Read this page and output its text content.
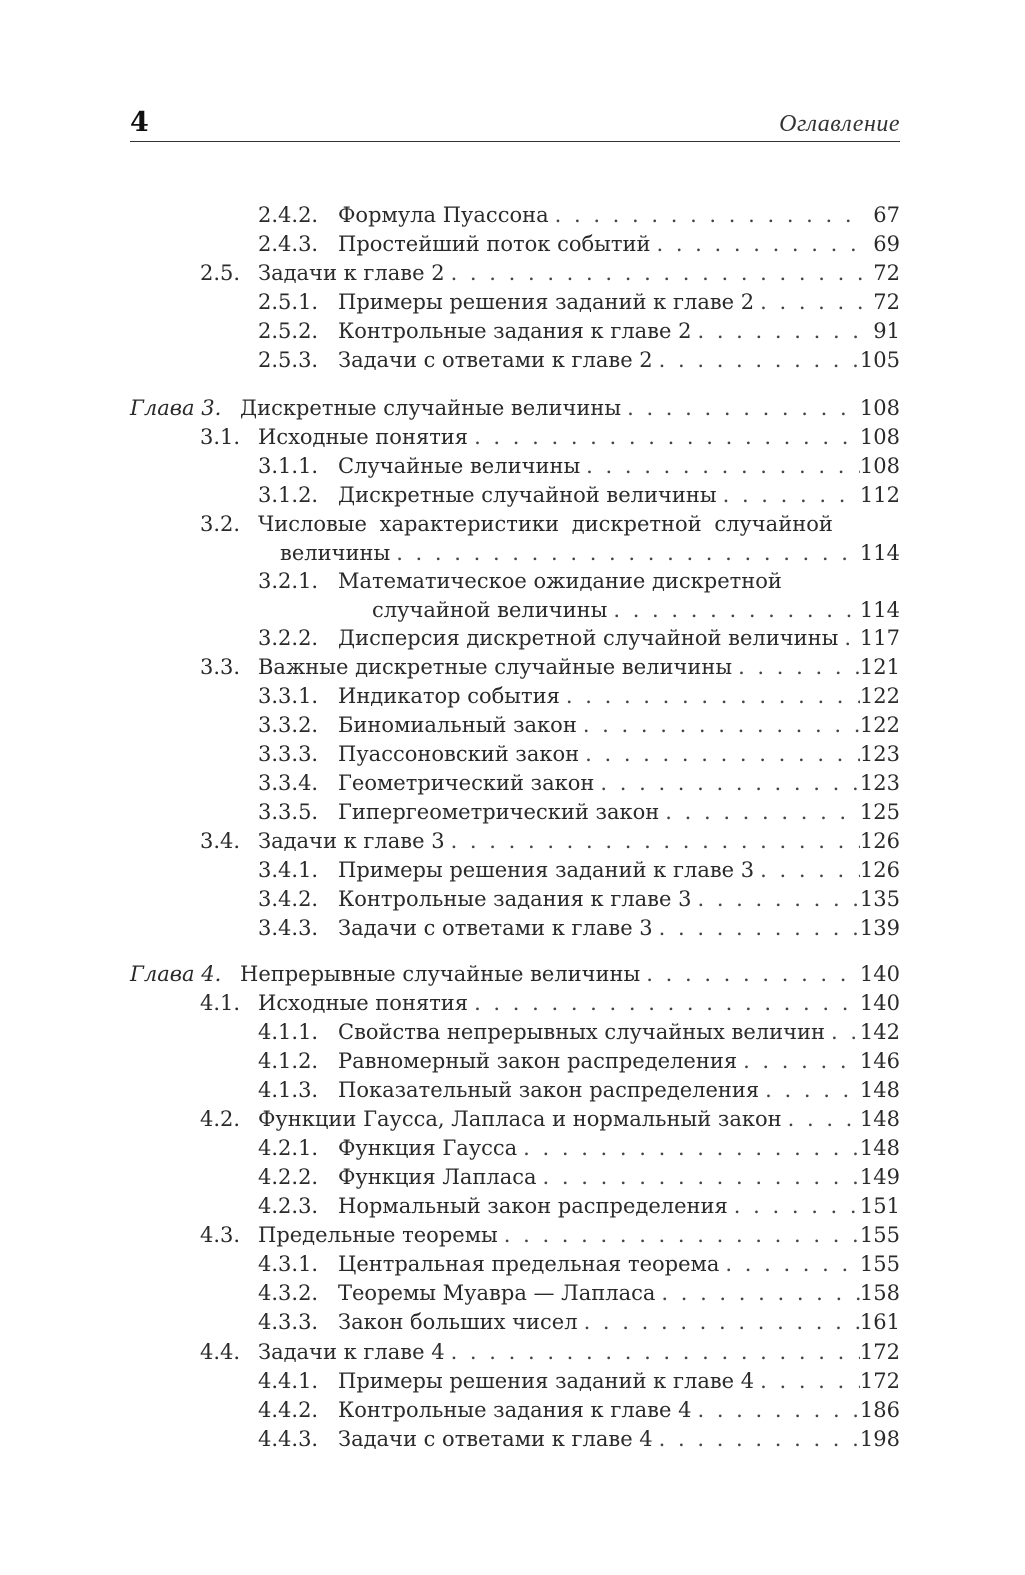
4	Оглавление
2.4.2. Формула Пуассона . . .	67
2.4.3. Простейший поток событий . . .	69
2.5. Задачи к главе 2 . . .	72
2.5.1. Примеры решения заданий к главе 2 . . .	72
2.5.2. Контрольные задания к главе 2 . . .	91
2.5.3. Задачи с ответами к главе 2 . . .	105
Глава 3. Дискретные случайные величины . . .	108
3.1. Исходные понятия . . .	108
3.1.1. Случайные величины . . .	108
3.1.2. Дискретные случайной величины . . .	112
3.2. Числовые характеристики дискретной случайной
величины . . .	114
3.2.1. Математическое ожидание дискретной
случайной величины . . .	114
3.2.2. Дисперсия дискретной случайной величины . . . 117
3.3. Важные дискретные случайные величины . . .	121
3.3.1. Индикатор события . . .	122
3.3.2. Биномиальный закон . . .	122
3.3.3. Пуассоновский закон . . .	123
3.3.4. Геометрический закон . . .	123
3.3.5. Гипергеометрический закон . . .	125
3.4. Задачи к главе 3 . . .	126
3.4.1. Примеры решения заданий к главе 3 . . .	126
3.4.2. Контрольные задания к главе 3 . . .	135
3.4.3. Задачи с ответами к главе 3 . . .	139
Глава 4. Непрерывные случайные величины . . .	140
4.1. Исходные понятия . . .	140
4.1.1. Свойства непрерывных случайных величин . . . 142
4.1.2. Равномерный закон распределения . . .	146
4.1.3. Показательный закон распределения . . .	148
4.2. Функции Гаусса, Лапласа и нормальный закон . . .	148
4.2.1. Функция Гаусса . . .	148
4.2.2. Функция Лапласа . . .	149
4.2.3. Нормальный закон распределения . . .	151
4.3. Предельные теоремы . . .	155
4.3.1. Центральная предельная теорема . . .	155
4.3.2. Теоремы Муавра — Лапласа . . .	158
4.3.3. Закон больших чисел . . .	161
4.4. Задачи к главе 4 . . .	172
4.4.1. Примеры решения заданий к главе 4 . . .	172
4.4.2. Контрольные задания к главе 4 . . .	186
4.4.3. Задачи с ответами к главе 4 . . .	198
